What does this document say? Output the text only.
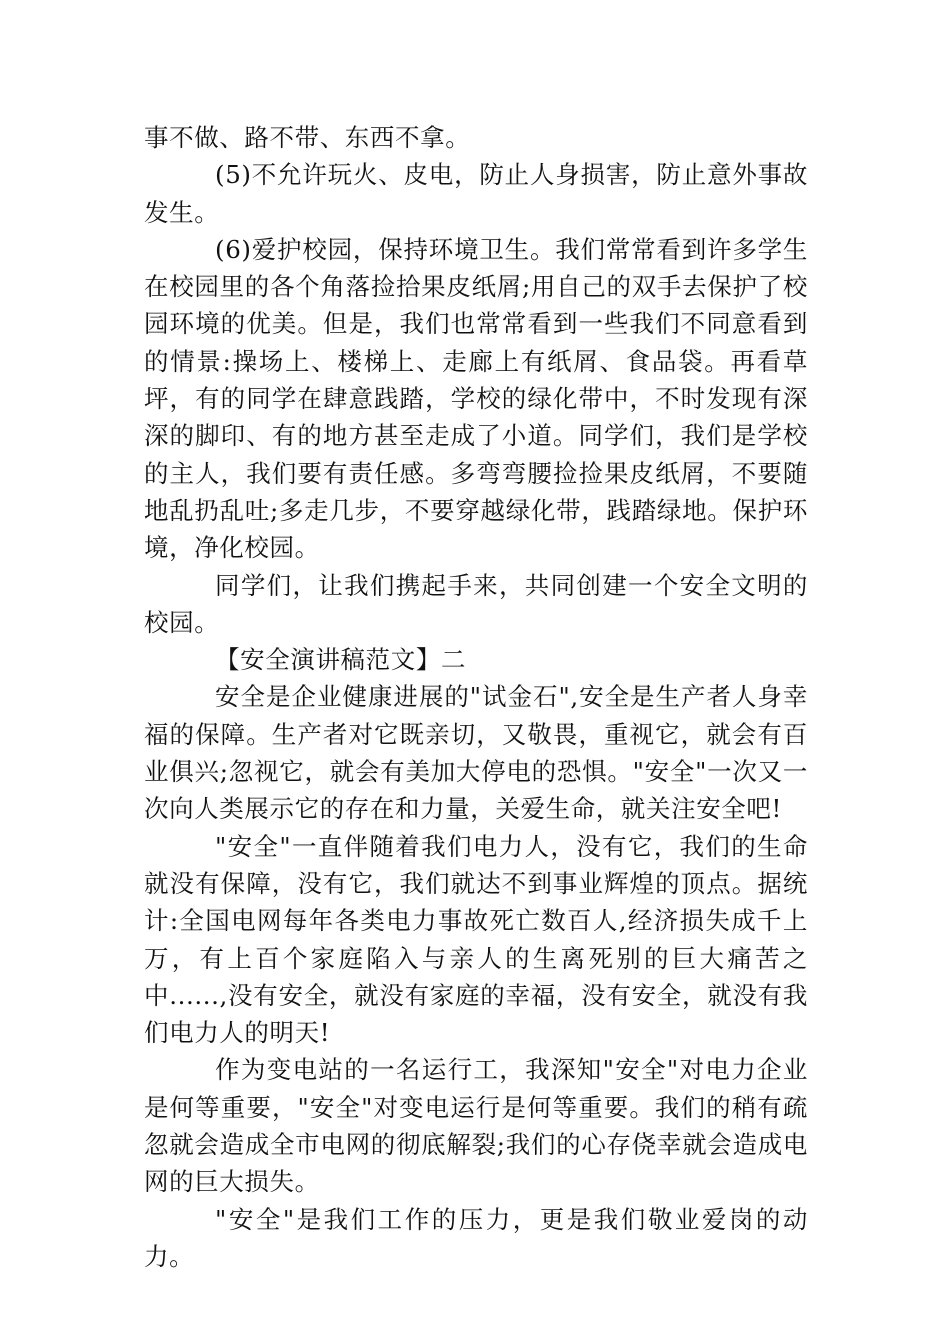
事不做、路不带、东西不拿。

(5)不允许玩火、皮电，防止人身损害，防止意外事故发生。

(6)爱护校园，保持环境卫生。我们常常看到许多学生在校园里的各个角落捡拾果皮纸屑;用自己的双手去保护了校园环境的优美。但是，我们也常常看到一些我们不同意看到的情景:操场上、楼梯上、走廊上有纸屑、食品袋。再看草坪，有的同学在肆意践踏，学校的绿化带中，不时发现有深深的脚印、有的地方甚至走成了小道。同学们，我们是学校的主人，我们要有责任感。多弯弯腰捡捡果皮纸屑，不要随地乱扔乱吐;多走几步，不要穿越绿化带，践踏绿地。保护环境，净化校园。

同学们，让我们携起手来，共同创建一个安全文明的校园。

【安全演讲稿范文】二

安全是企业健康进展的"试金石",安全是生产者人身幸福的保障。生产者对它既亲切，又敬畏，重视它，就会有百业俱兴;忽视它，就会有美加大停电的恐惧。"安全"一次又一次向人类展示它的存在和力量，关爱生命，就关注安全吧!

"安全"一直伴随着我们电力人，没有它，我们的生命就没有保障，没有它，我们就达不到事业辉煌的顶点。据统计:全国电网每年各类电力事故死亡数百人,经济损失成千上万，有上百个家庭陷入与亲人的生离死别的巨大痛苦之中......,没有安全，就没有家庭的幸福，没有安全，就没有我们电力人的明天!

作为变电站的一名运行工，我深知"安全"对电力企业是何等重要，"安全"对变电运行是何等重要。我们的稍有疏忽就会造成全市电网的彻底解裂;我们的心存侥幸就会造成电网的巨大损失。

"安全"是我们工作的压力，更是我们敬业爱岗的动力。
